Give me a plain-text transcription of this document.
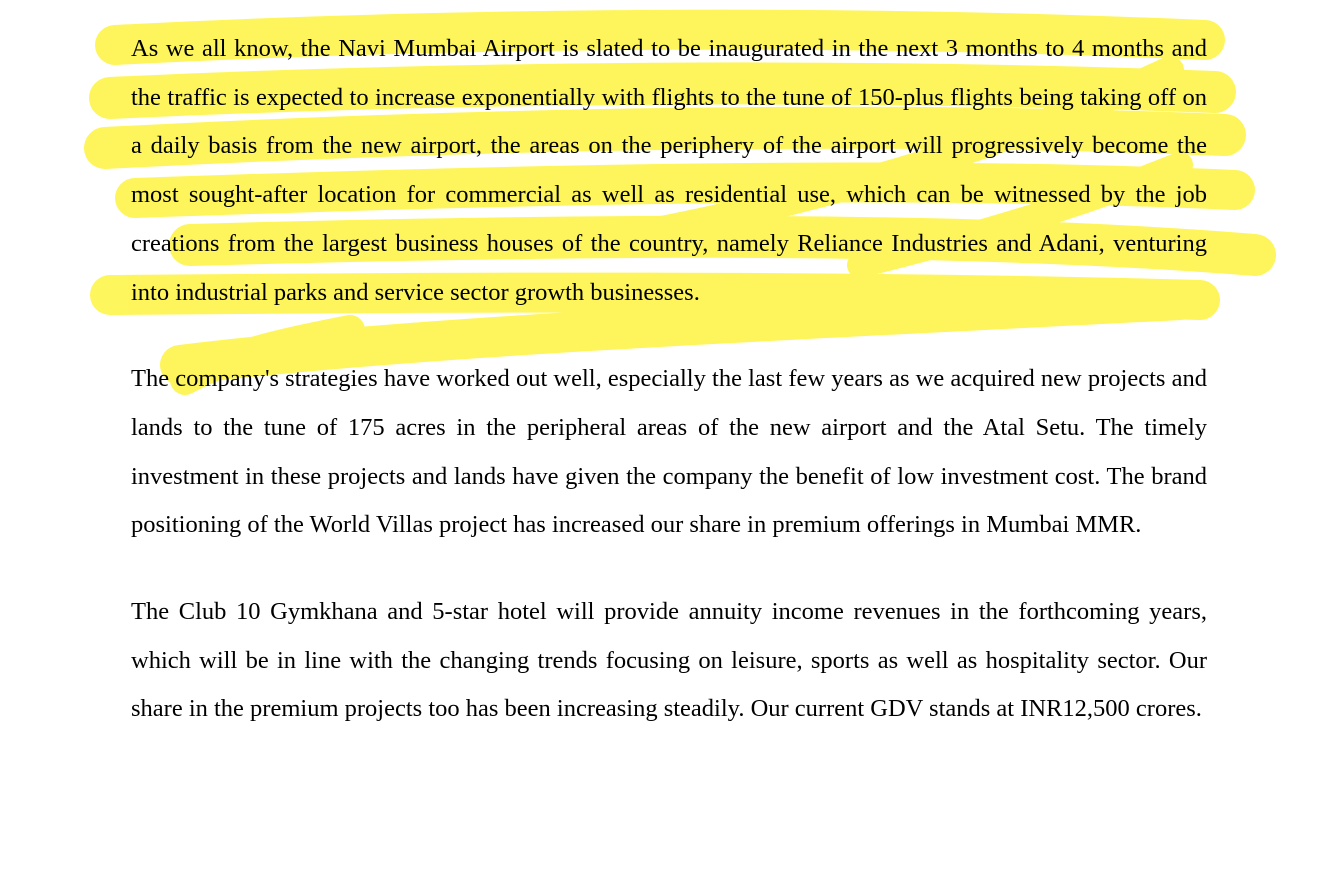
As we all know, the Navi Mumbai Airport is slated to be inaugurated in the next 3 months to 4 months and the traffic is expected to increase exponentially with flights to the tune of 150-plus flights being taking off on a daily basis from the new airport, the areas on the periphery of the airport will progressively become the most sought-after location for commercial as well as residential use, which can be witnessed by the job creations from the largest business houses of the country, namely Reliance Industries and Adani, venturing into industrial parks and service sector growth businesses.

The company's strategies have worked out well, especially the last few years as we acquired new projects and lands to the tune of 175 acres in the peripheral areas of the new airport and the Atal Setu. The timely investment in these projects and lands have given the company the benefit of low investment cost. The brand positioning of the World Villas project has increased our share in premium offerings in Mumbai MMR.

The Club 10 Gymkhana and 5-star hotel will provide annuity income revenues in the forthcoming years, which will be in line with the changing trends focusing on leisure, sports as well as hospitality sector. Our share in the premium projects too has been increasing steadily. Our current GDV stands at INR12,500 crores.
